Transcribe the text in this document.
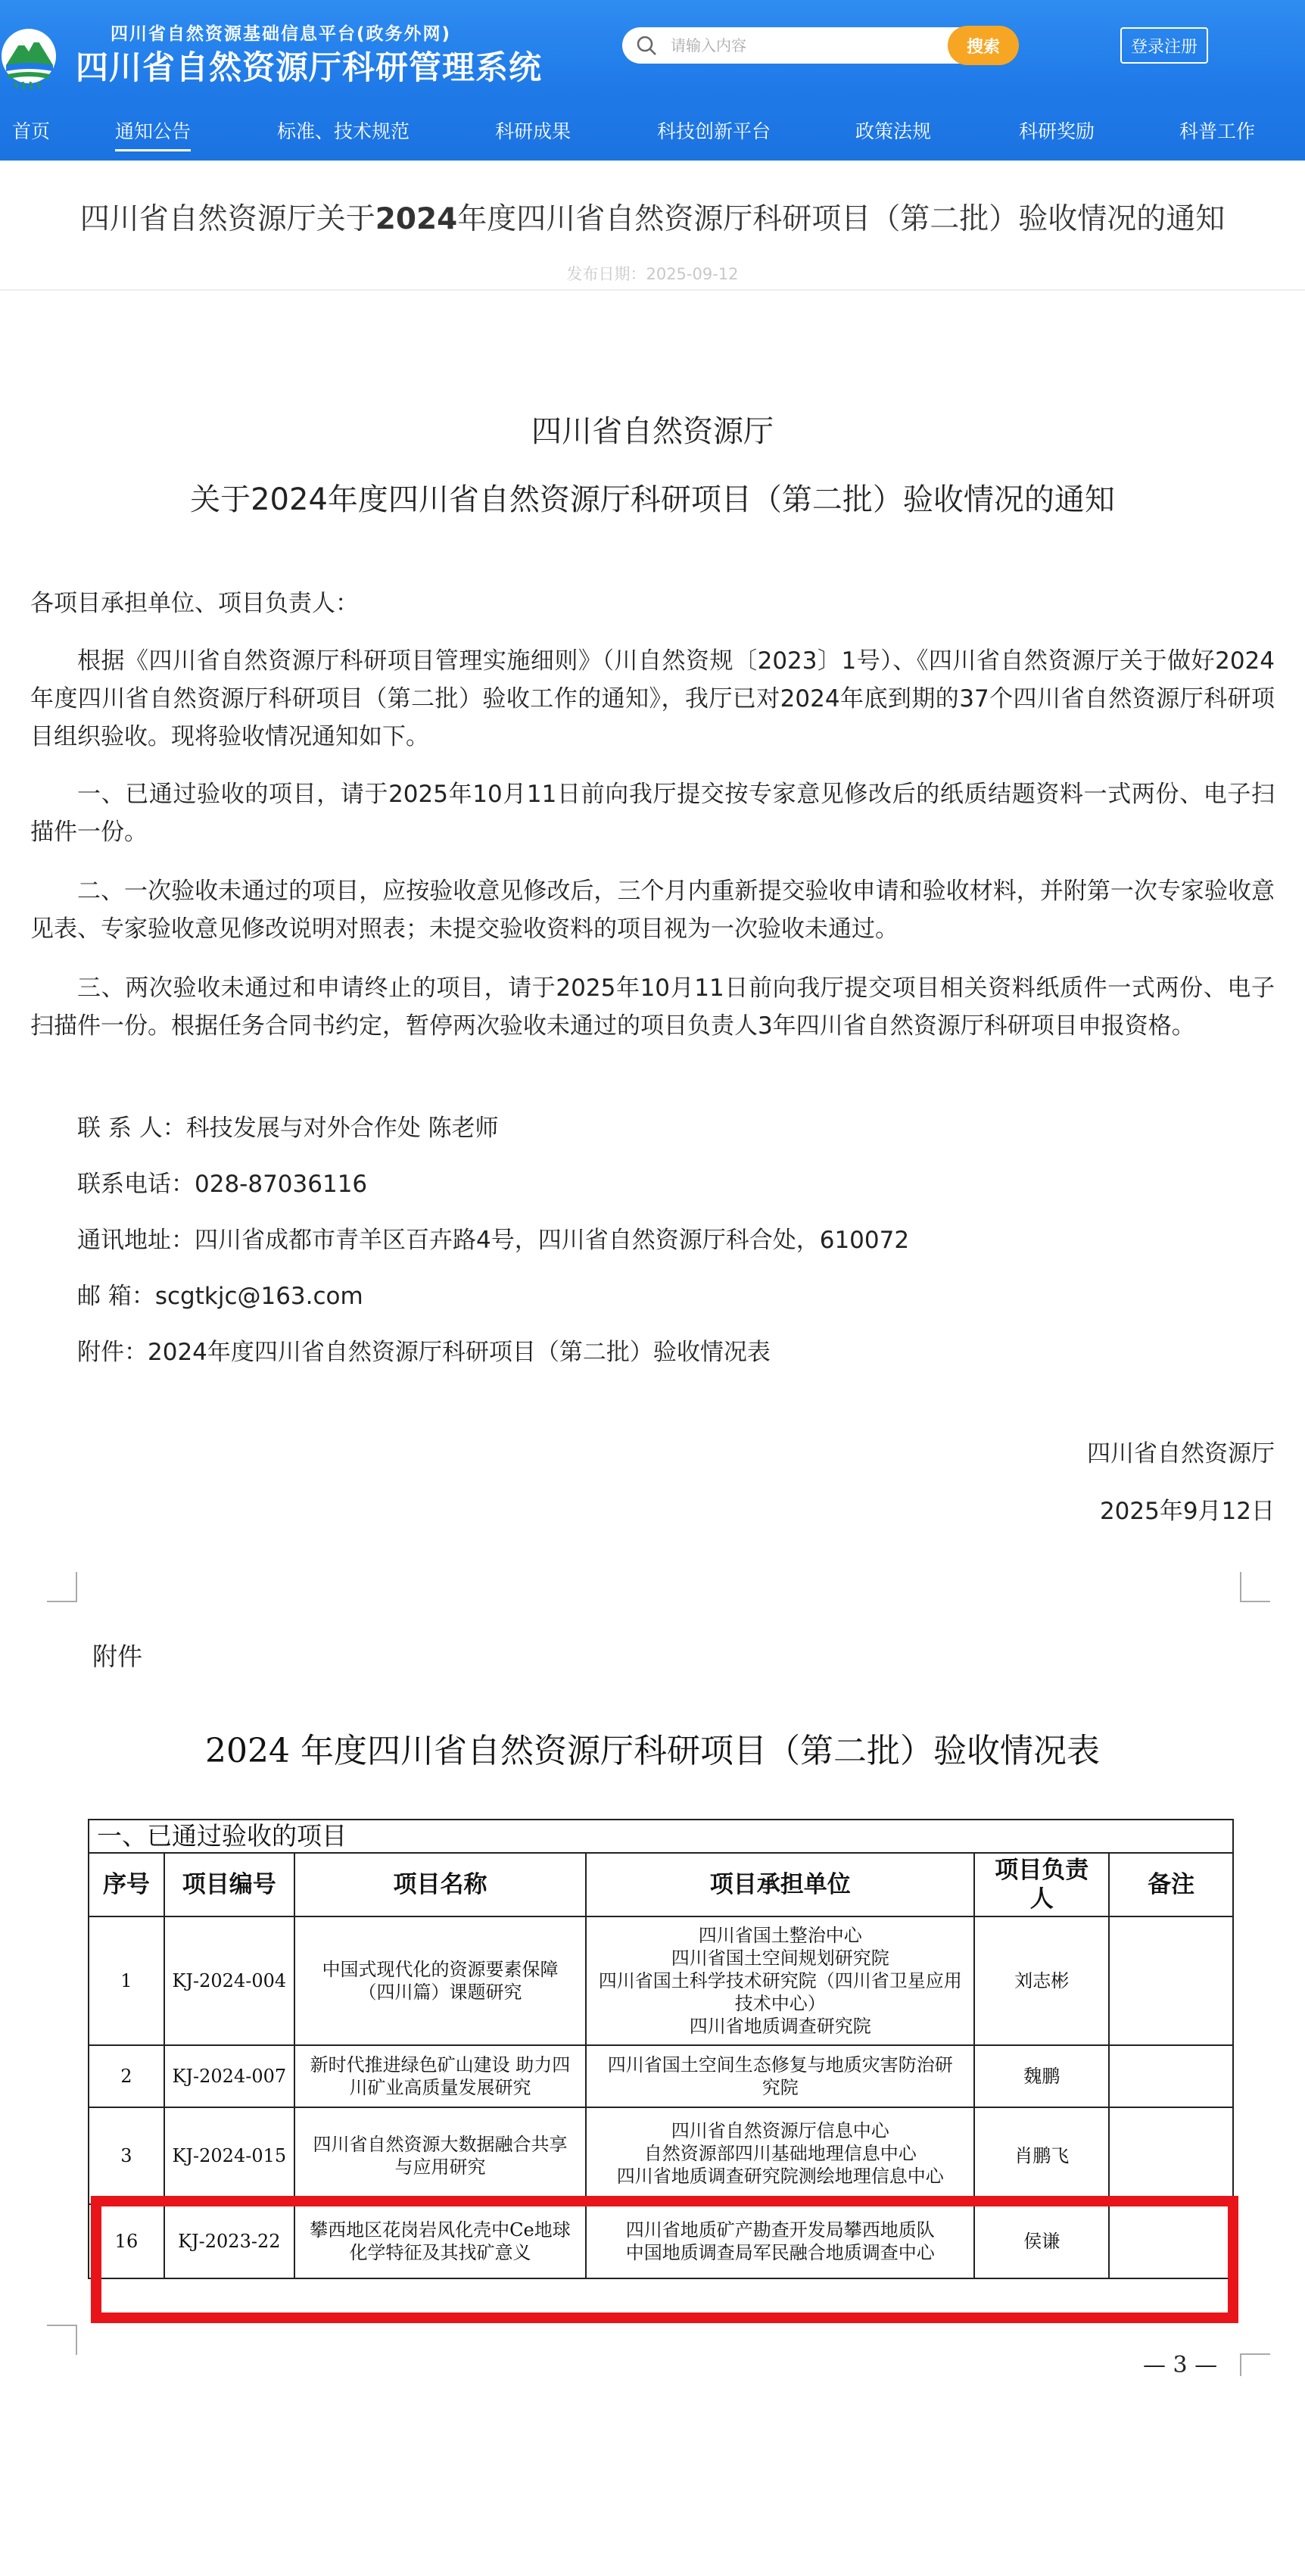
四川省自然资源基础信息平台(政务外网)
四川省自然资源厅科研管理系统
请输入内容
搜索	登录注册
首页	通知公告	标准、技术规范	科研成果	科技创新平台	政策法规	科研奖励	科普工作
四川省自然资源厅关于2024年度四川省自然资源厅科研项目（第二批）验收情况的通知
发布日期：2025-09-12
四川省自然资源厅
关于2024年度四川省自然资源厅科研项目（第二批）验收情况的通知
各项目承担单位、项目负责人：
根据《四川省自然资源厅科研项目管理实施细则》（川自然资规〔2023〕1号）、《四川省自然资源厅关于做好2024年度四川省自然资源厅科研项目（第二批）验收工作的通知》，我厅已对2024年底到期的37个四川省自然资源厅科研项目组织验收。现将验收情况通知如下。
一、已通过验收的项目，请于2025年10月11日前向我厅提交按专家意见修改后的纸质结题资料一式两份、电子扫描件一份。
二、一次验收未通过的项目，应按验收意见修改后，三个月内重新提交验收申请和验收材料，并附第一次专家验收意见表、专家验收意见修改说明对照表；未提交验收资料的项目视为一次验收未通过。
三、两次验收未通过和申请终止的项目，请于2025年10月11日前向我厅提交项目相关资料纸质件一式两份、电子扫描件一份。根据任务合同书约定，暂停两次验收未通过的项目负责人3年四川省自然资源厅科研项目申报资格。
联 系 人：科技发展与对外合作处 陈老师
联系电话：028-87036116
通讯地址：四川省成都市青羊区百卉路4号，四川省自然资源厅科合处，610072
邮 箱：scgtkjc@163.com
附件：2024年度四川省自然资源厅科研项目（第二批）验收情况表
四川省自然资源厅
2025年9月12日
附件
2024 年度四川省自然资源厅科研项目（第二批）验收情况表
一、已通过验收的项目					
序号	项目编号	项目名称	项目承担单位	项目负责人	备注
1	KJ-2024-004	中国式现代化的资源要素保障（四川篇）课题研究	四川省国土整治中心
四川省国土空间规划研究院
四川省国土科学技术研究院（四川省卫星应用技术中心）
四川省地质调查研究院	刘志彬	
2	KJ-2024-007	新时代推进绿色矿山建设 助力四川矿业高质量发展研究	四川省国土空间生态修复与地质灾害防治研究院	魏鹏	
3	KJ-2024-015	四川省自然资源大数据融合共享与应用研究	四川省自然资源厅信息中心
自然资源部四川基础地理信息中心
四川省地质调查研究院测绘地理信息中心	肖鹏飞	
16	KJ-2023-22	攀西地区花岗岩风化壳中Ce地球化学特征及其找矿意义	四川省地质矿产勘查开发局攀西地质队
中国地质调查局军民融合地质调查中心	侯谦	
— 3 —
